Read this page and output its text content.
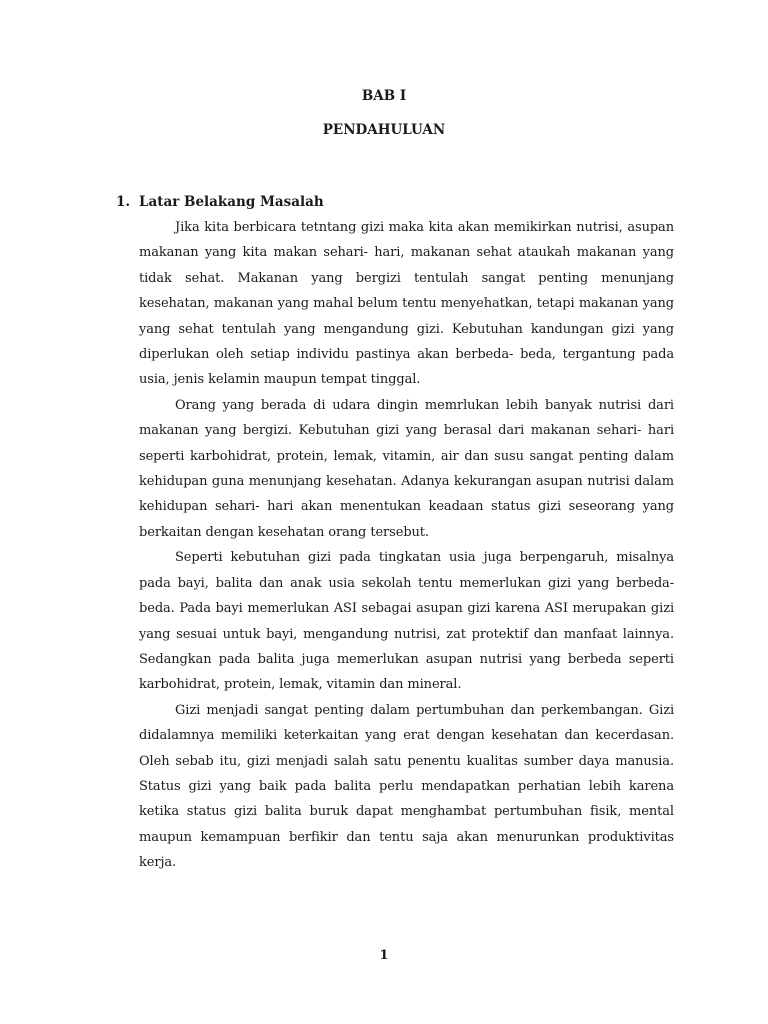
BAB I
PENDAHULUAN
1. Latar Belakang Masalah

Jika kita berbicara tetntang gizi maka kita akan memikirkan nutrisi, asupan makanan yang kita makan sehari- hari, makanan sehat ataukah makanan yang tidak sehat. Makanan yang bergizi tentulah sangat penting menunjang kesehatan, makanan yang mahal belum tentu menyehatkan, tetapi makanan yang yang sehat tentulah yang mengandung gizi. Kebutuhan kandungan gizi yang diperlukan oleh setiap individu pastinya akan berbeda- beda, tergantung pada usia, jenis kelamin maupun tempat tinggal.

Orang yang berada di udara dingin memrlukan lebih banyak nutrisi dari makanan yang bergizi. Kebutuhan gizi yang berasal dari makanan sehari- hari seperti karbohidrat, protein, lemak, vitamin, air dan susu sangat penting dalam kehidupan guna menunjang kesehatan. Adanya kekurangan asupan nutrisi dalam kehidupan sehari- hari akan menentukan keadaan status gizi seseorang yang berkaitan dengan kesehatan orang tersebut.

Seperti kebutuhan gizi pada tingkatan usia juga berpengaruh, misalnya pada bayi, balita dan anak usia sekolah tentu memerlukan gizi yang berbeda- beda. Pada bayi memerlukan ASI sebagai asupan gizi karena ASI merupakan gizi yang sesuai untuk bayi, mengandung nutrisi, zat protektif dan manfaat lainnya. Sedangkan pada balita juga memerlukan asupan nutrisi yang berbeda seperti karbohidrat, protein, lemak, vitamin dan mineral.

Gizi menjadi sangat penting dalam pertumbuhan dan perkembangan. Gizi didalamnya memiliki keterkaitan yang erat dengan kesehatan dan kecerdasan. Oleh sebab itu, gizi menjadi salah satu penentu kualitas sumber daya manusia. Status gizi yang baik pada balita perlu mendapatkan perhatian lebih karena ketika status gizi balita buruk dapat menghambat pertumbuhan fisik, mental maupun kemampuan berfikir dan tentu saja akan menurunkan produktivitas kerja.

1
